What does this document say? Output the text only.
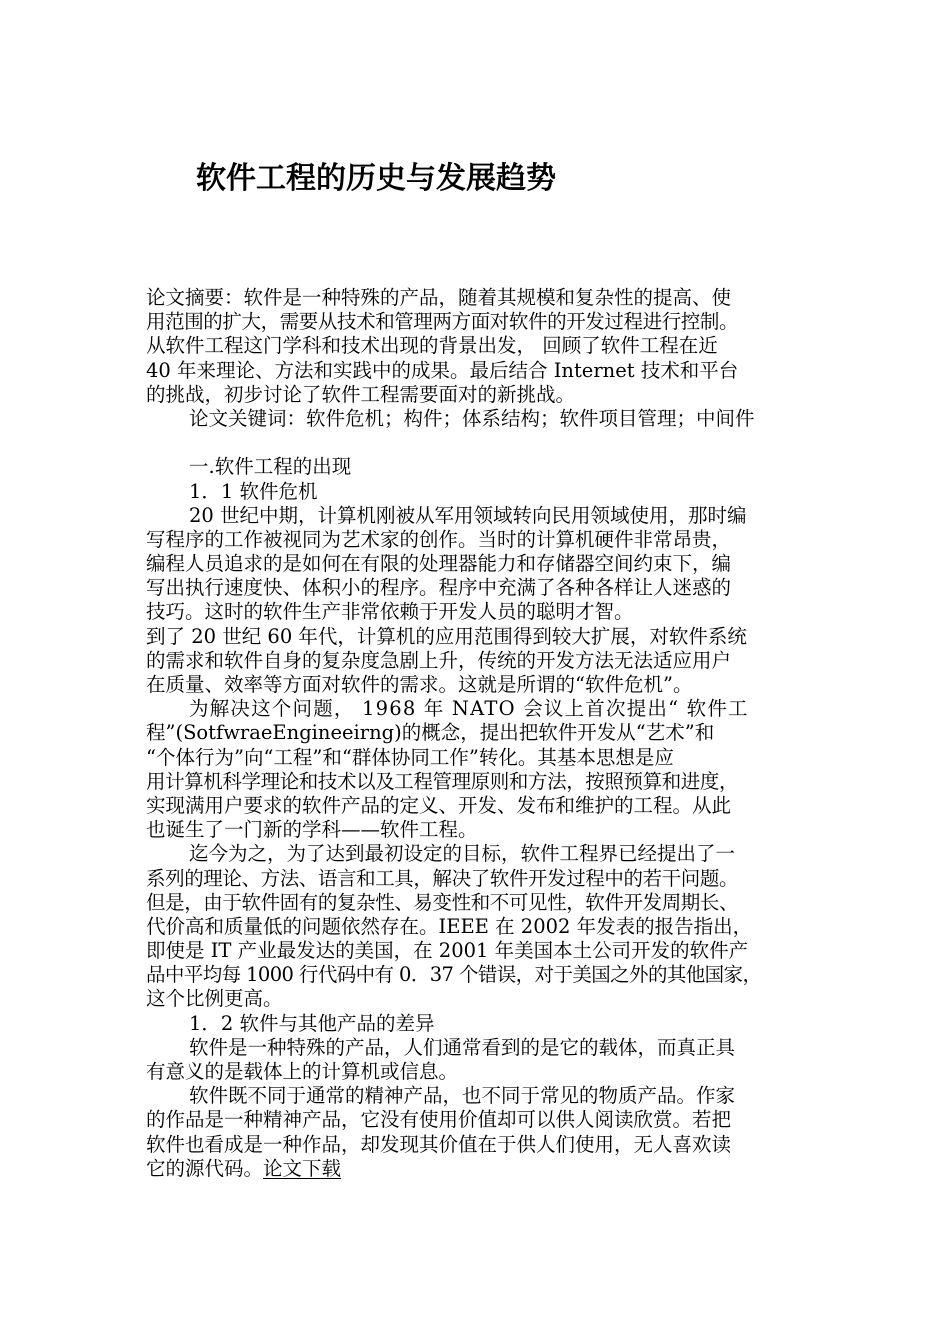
软件工程的历史与发展趋势
论文摘要：软件是一种特殊的产品，随着其规模和复杂性的提高、使
用范围的扩大，需要从技术和管理两方面对软件的开发过程进行控制。
从软件工程这门学科和技术出现的背景出发， 回顾了软件工程在近
40 年来理论、方法和实践中的成果。最后结合 Internet 技术和平台
的挑战，初步讨论了软件工程需要面对的新挑战。
论文关键词：软件危机；构件；体系结构；软件项目管理；中间件
一.软件工程的出现
1．1 软件危机
20 世纪中期，计算机刚被从军用领域转向民用领域使用，那时编
写程序的工作被视同为艺术家的创作。当时的计算机硬件非常昂贵，
编程人员追求的是如何在有限的处理器能力和存储器空间约束下，编
写出执行速度快、体积小的程序。程序中充满了各种各样让人迷惑的
技巧。这时的软件生产非常依赖于开发人员的聪明才智。
到了 20 世纪 60 年代，计算机的应用范围得到较大扩展，对软件系统
的需求和软件自身的复杂度急剧上升，传统的开发方法无法适应用户
在质量、效率等方面对软件的需求。这就是所谓的“软件危机”。
为解决这个问题， 1968 年 NATO 会议上首次提出“ 软件工
程”(SotfwraeEngineeirng)的概念，提出把软件开发从“艺术”和
“个体行为”向“工程”和“群体协同工作”转化。其基本思想是应
用计算机科学理论和技术以及工程管理原则和方法，按照预算和进度，
实现满用户要求的软件产品的定义、开发、发布和维护的工程。从此
也诞生了一门新的学科——软件工程。
迄今为之，为了达到最初设定的目标，软件工程界已经提出了一
系列的理论、方法、语言和工具，解决了软件开发过程中的若干问题。
但是，由于软件固有的复杂性、易变性和不可见性，软件开发周期长、
代价高和质量低的问题依然存在。IEEE 在 2002 年发表的报告指出，
即使是 IT 产业最发达的美国，在 2001 年美国本土公司开发的软件产
品中平均每 1000 行代码中有 0．37 个错误，对于美国之外的其他国家，
这个比例更高。
1．2 软件与其他产品的差异
软件是一种特殊的产品，人们通常看到的是它的载体，而真正具
有意义的是载体上的计算机或信息。
软件既不同于通常的精神产品，也不同于常见的物质产品。作家
的作品是一种精神产品，它没有使用价值却可以供人阅读欣赏。若把
软件也看成是一种作品，却发现其价值在于供人们使用，无人喜欢读
它的源代码。论文下载
